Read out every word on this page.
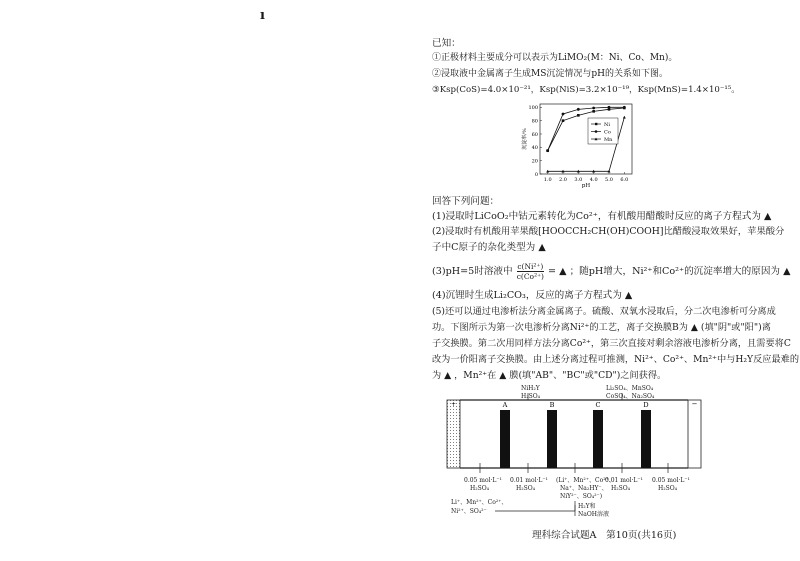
ı
已知：
①正极材料主要成分可以表示为LiMO₂(M：Ni、Co、Mn)。
②浸取液中金属离子生成MS沉淀情况与pH的关系如下图。
③Ksp(CoS)=4.0×10⁻²¹，Ksp(NiS)=3.2×10⁻¹⁹，Ksp(MnS)=1.4×10⁻¹⁵。
0
20
40
60
80
100
1.0 2.0 3.0 4.0 5.0 6.0
pH
沉淀率/%
Ni
Co
Mn
回答下列问题：
(1)浸取时LiCoO₂中钴元素转化为Co²⁺，有机酸用醋酸时反应的离子方程式为 ▲
(2)浸取时有机酸用苹果酸[HOOCCH₂CH(OH)COOH]比醋酸浸取效果好，苹果酸分
子中C原子的杂化类型为 ▲
(3)pH=5时溶液中 $\frac{\text{c(Ni²⁺)}}{\text{c(Co²⁺)}}$ = ▲ ；随pH增大，Ni²⁺和Co²⁺的沉淀率增大的原因为 ▲
(4)沉锂时生成Li₂CO₃，反应的离子方程式为 ▲
(5)还可以通过电渗析法分离金属离子。硫酸、双氧水浸取后，分二次电渗析可分离成
功。下图所示为第一次电渗析分离Ni²⁺的工艺，离子交换膜B为 ▲ (填"阴"或"阳")离
子交换膜。第二次用同样方法分离Co²⁺，第三次直接对剩余溶液电渗析分离，且需要将C
改为一价阳离子交换膜。由上述分离过程可推测，Ni²⁺、Co²⁺、Mn²⁺中与H₂Y反应最难的
为 ▲ ，Mn²⁺在 ▲ 膜(填"AB"、"BC"或"CD")之间获得。
+	−
A	B	C	D
NiH₂Y
H₂SO₄
Li₂SO₄、MnSO₄
CoSO₄、Na₂SO₄
0.05 mol·L⁻¹
H₂SO₄
0.01 mol·L⁻¹
H₂SO₄
(Li⁺、Mn²⁺、Co²⁺、
Na⁺、Na₂HY⁻、
NiY²⁻、SO₄²⁻)
0.01 mol·L⁻¹
H₂SO₄
0.05 mol·L⁻¹
H₂SO₄
Li⁺、Mn²⁺、Co²⁺、
Ni²⁺、SO₄²⁻
H₂Y和
NaOH溶液
理科综合试题A　第10页(共16页)
